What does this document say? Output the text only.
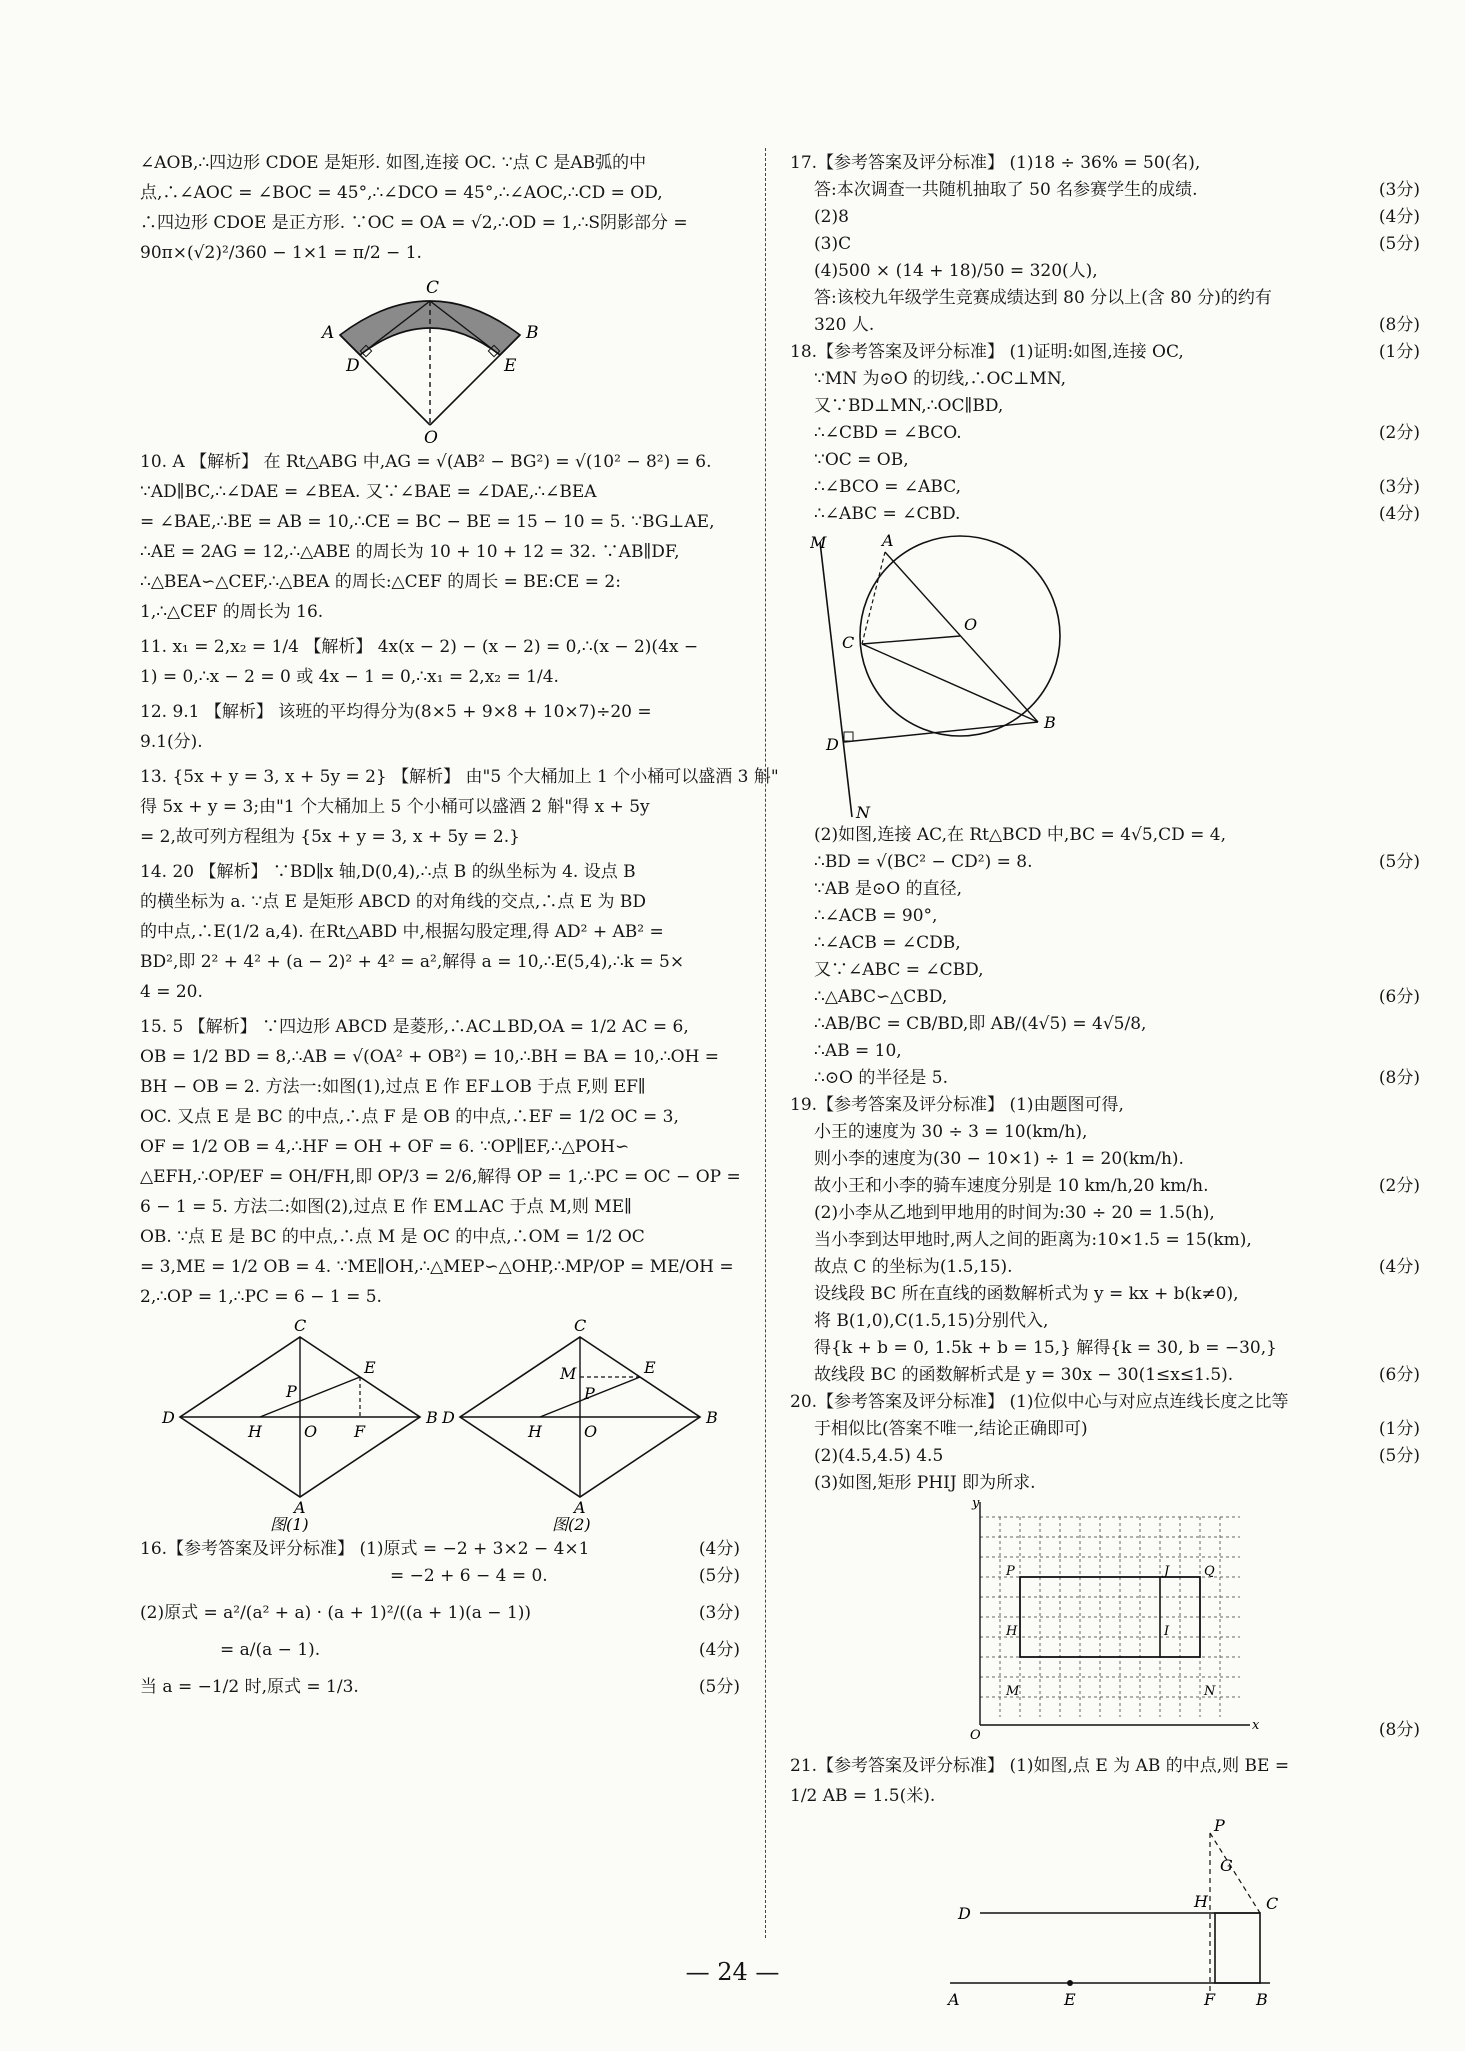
∠AOB,∴四边形 CDOE 是矩形. 如图,连接 OC. ∵点 C 是AB弧的中

点,∴∠AOC = ∠BOC = 45°,∴∠DCO = 45°,∴∠AOC,∴CD = OD,

∴四边形 CDOE 是正方形. ∵OC = OA = √2,∴OD = 1,∴S阴影部分 =

90π×(√2)²/360 − 1×1 = π/2 − 1.

C
A	B
D	E
O

10. A 【解析】 在 Rt△ABG 中,AG = √(AB² − BG²) = √(10² − 8²) = 6.

∵AD∥BC,∴∠DAE = ∠BEA. 又∵∠BAE = ∠DAE,∴∠BEA

= ∠BAE,∴BE = AB = 10,∴CE = BC − BE = 15 − 10 = 5. ∵BG⊥AE,

∴AE = 2AG = 12,∴△ABE 的周长为 10 + 10 + 12 = 32. ∵AB∥DF,

∴△BEA∽△CEF,∴△BEA 的周长:△CEF 的周长 = BE:CE = 2:

1,∴△CEF 的周长为 16.

11. x₁ = 2,x₂ = 1/4 【解析】 4x(x − 2) − (x − 2) = 0,∴(x − 2)(4x −

1) = 0,∴x − 2 = 0 或 4x − 1 = 0,∴x₁ = 2,x₂ = 1/4.

12. 9.1 【解析】 该班的平均得分为(8×5 + 9×8 + 10×7)÷20 =

9.1(分).

13. {5x + y = 3, x + 5y = 2} 【解析】 由"5 个大桶加上 1 个小桶可以盛酒 3 斛"

得 5x + y = 3;由"1 个大桶加上 5 个小桶可以盛酒 2 斛"得 x + 5y

= 2,故可列方程组为 {5x + y = 3, x + 5y = 2.}

14. 20 【解析】 ∵BD∥x 轴,D(0,4),∴点 B 的纵坐标为 4. 设点 B

的横坐标为 a. ∵点 E 是矩形 ABCD 的对角线的交点,∴点 E 为 BD

的中点,∴E(1/2 a,4). 在Rt△ABD 中,根据勾股定理,得 AD² + AB² =

BD²,即 2² + 4² + (a − 2)² + 4² = a²,解得 a = 10,∴E(5,4),∴k = 5×

4 = 20.

15. 5 【解析】 ∵四边形 ABCD 是菱形,∴AC⊥BD,OA = 1/2 AC = 6,

OB = 1/2 BD = 8,∴AB = √(OA² + OB²) = 10,∴BH = BA = 10,∴OH =

BH − OB = 2. 方法一:如图(1),过点 E 作 EF⊥OB 于点 F,则 EF∥

OC. 又点 E 是 BC 的中点,∴点 F 是 OB 的中点,∴EF = 1/2 OC = 3,

OF = 1/2 OB = 4,∴HF = OH + OF = 6. ∵OP∥EF,∴△POH∽

△EFH,∴OP/EF = OH/FH,即 OP/3 = 2/6,解得 OP = 1,∴PC = OC − OP =

6 − 1 = 5. 方法二:如图(2),过点 E 作 EM⊥AC 于点 M,则 ME∥

OB. ∵点 E 是 BC 的中点,∴点 M 是 OC 的中点,∴OM = 1/2 OC

= 3,ME = 1/2 OB = 4. ∵ME∥OH,∴△MEP∽△OHP,∴MP/OP = ME/OH =

2,∴OP = 1,∴PC = 6 − 1 = 5.

C
E
P
D
H	O F
B
A
图(1)
C
E
M
P
D
H	O
B
A
图(2)
16.【参考答案及评分标准】 (1)原式 = −2 + 3×2 − 4×1	(4分)
= −2 + 6 − 4 = 0.	(5分)
(2)原式 = a²/(a² + a) · (a + 1)²/((a + 1)(a − 1))	(3分)
= a/(a − 1).	(4分)
当 a = −1/2 时,原式 = 1/3.	(5分)
17.【参考答案及评分标准】 (1)18 ÷ 36% = 50(名),
答:本次调查一共随机抽取了 50 名参赛学生的成绩.	(3分)
(2)8	(4分)
(3)C	(5分)
(4)500 × (14 + 18)/50 = 320(人),
答:该校九年级学生竞赛成绩达到 80 分以上(含 80 分)的约有
320 人.	(8分)
18.【参考答案及评分标准】 (1)证明:如图,连接 OC,	(1分)
∵MN 为⊙O 的切线,∴OC⊥MN,
又∵BD⊥MN,∴OC∥BD,
∴∠CBD = ∠BCO.	(2分)
∵OC = OB,
∴∠BCO = ∠ABC,	(3分)
∴∠ABC = ∠CBD.	(4分)
M	A
O
C
D
B
N
(2)如图,连接 AC,在 Rt△BCD 中,BC = 4√5,CD = 4,
∴BD = √(BC² − CD²) = 8.	(5分)
∵AB 是⊙O 的直径,
∴∠ACB = 90°,
∴∠ACB = ∠CDB,
又∵∠ABC = ∠CBD,
∴△ABC∽△CBD,	(6分)
∴AB/BC = CB/BD,即 AB/(4√5) = 4√5/8,
∴AB = 10,
∴⊙O 的半径是 5.	(8分)
19.【参考答案及评分标准】 (1)由题图可得,
小王的速度为 30 ÷ 3 = 10(km/h),
则小李的速度为(30 − 10×1) ÷ 1 = 20(km/h).
故小王和小李的骑车速度分别是 10 km/h,20 km/h.	(2分)
(2)小李从乙地到甲地用的时间为:30 ÷ 20 = 1.5(h),
当小李到达甲地时,两人之间的距离为:10×1.5 = 15(km),
故点 C 的坐标为(1.5,15).	(4分)
设线段 BC 所在直线的函数解析式为 y = kx + b(k≠0),
将 B(1,0),C(1.5,15)分别代入,
得{k + b = 0, 1.5k + b = 15,} 解得{k = 30, b = −30,}
故线段 BC 的函数解析式是 y = 30x − 30(1≤x≤1.5).	(6分)
20.【参考答案及评分标准】 (1)位似中心与对应点连线长度之比等
于相似比(答案不唯一,结论正确即可)	(1分)
(2)(4.5,4.5) 4.5	(5分)
(3)如图,矩形 PHIJ 即为所求.
y
P	J	Q
H	I
M	N
O
x	(8分)

21.【参考答案及评分标准】 (1)如图,点 E 为 AB 的中点,则 BE =

1/2 AB = 1.5(米).

P
G
H	C
D
A	E	F	B
— 24 —
